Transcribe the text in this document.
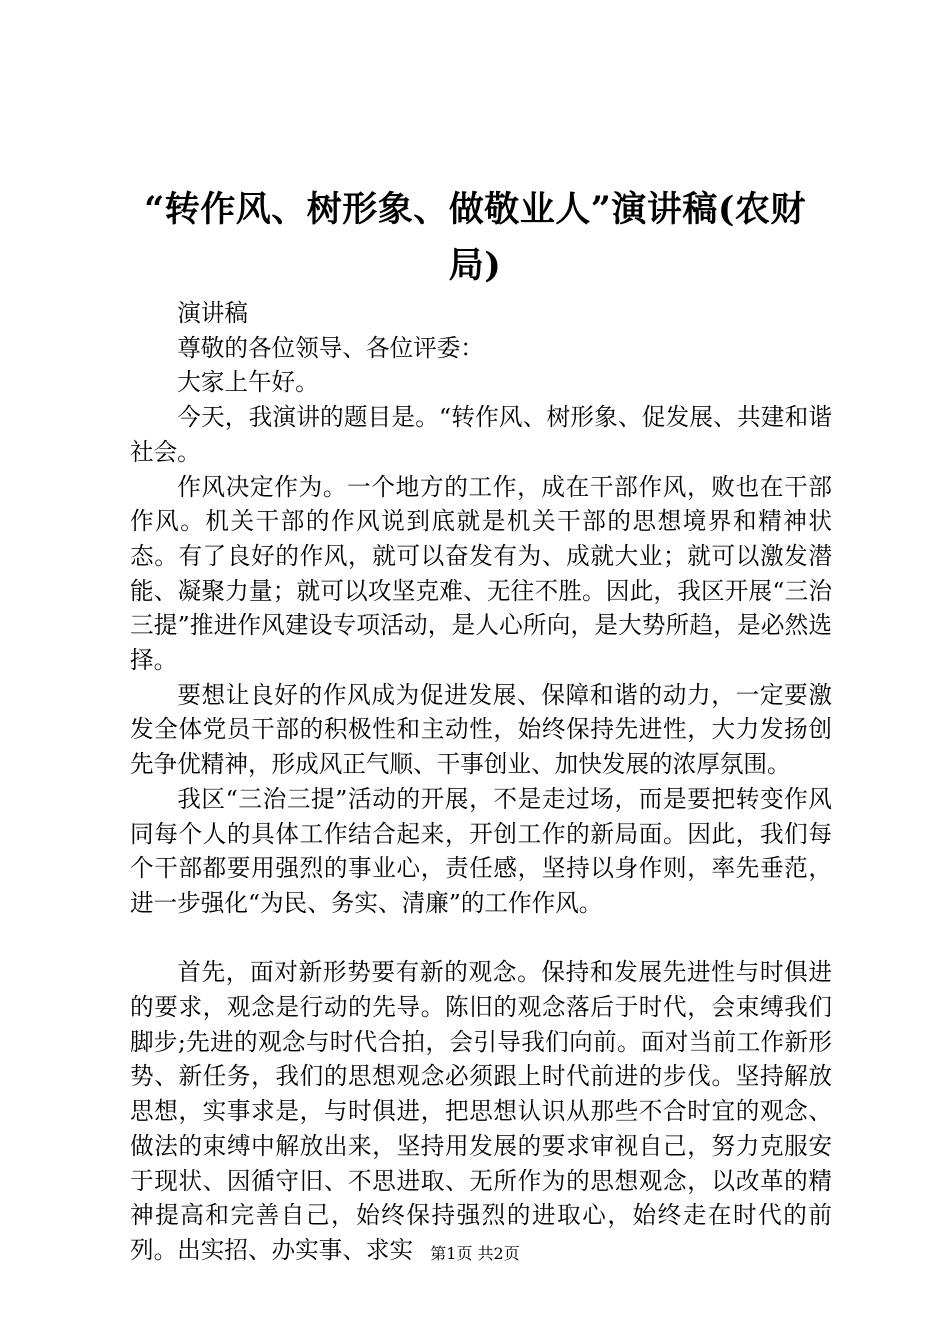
“转作风、树形象、做敬业人”演讲稿(农财局)

演讲稿

尊敬的各位领导、各位评委：

大家上午好。

今天，我演讲的题目是。“转作风、树形象、促发展、共建和谐社会。

作风决定作为。一个地方的工作，成在干部作风，败也在干部作风。机关干部的作风说到底就是机关干部的思想境界和精神状态。有了良好的作风，就可以奋发有为、成就大业；就可以激发潜能、凝聚力量；就可以攻坚克难、无往不胜。因此，我区开展“三治三提”推进作风建设专项活动，是人心所向，是大势所趋，是必然选择。

要想让良好的作风成为促进发展、保障和谐的动力，一定要激发全体党员干部的积极性和主动性，始终保持先进性，大力发扬创先争优精神，形成风正气顺、干事创业、加快发展的浓厚氛围。

我区“三治三提”活动的开展，不是走过场，而是要把转变作风同每个人的具体工作结合起来，开创工作的新局面。因此，我们每个干部都要用强烈的事业心，责任感，坚持以身作则，率先垂范，进一步强化“为民、务实、清廉”的工作作风。

首先，面对新形势要有新的观念。保持和发展先进性与时俱进的要求，观念是行动的先导。陈旧的观念落后于时代，会束缚我们脚步;先进的观念与时代合拍，会引导我们向前。面对当前工作新形势、新任务，我们的思想观念必须跟上时代前进的步伐。坚持解放思想，实事求是，与时俱进，把思想认识从那些不合时宜的观念、做法的束缚中解放出来，坚持用发展的要求审视自己，努力克服安于现状、因循守旧、不思进取、无所作为的思想观念，以改革的精神提高和完善自己，始终保持强烈的进取心，始终走在时代的前列。出实招、办实事、求实	第1页 共2页
